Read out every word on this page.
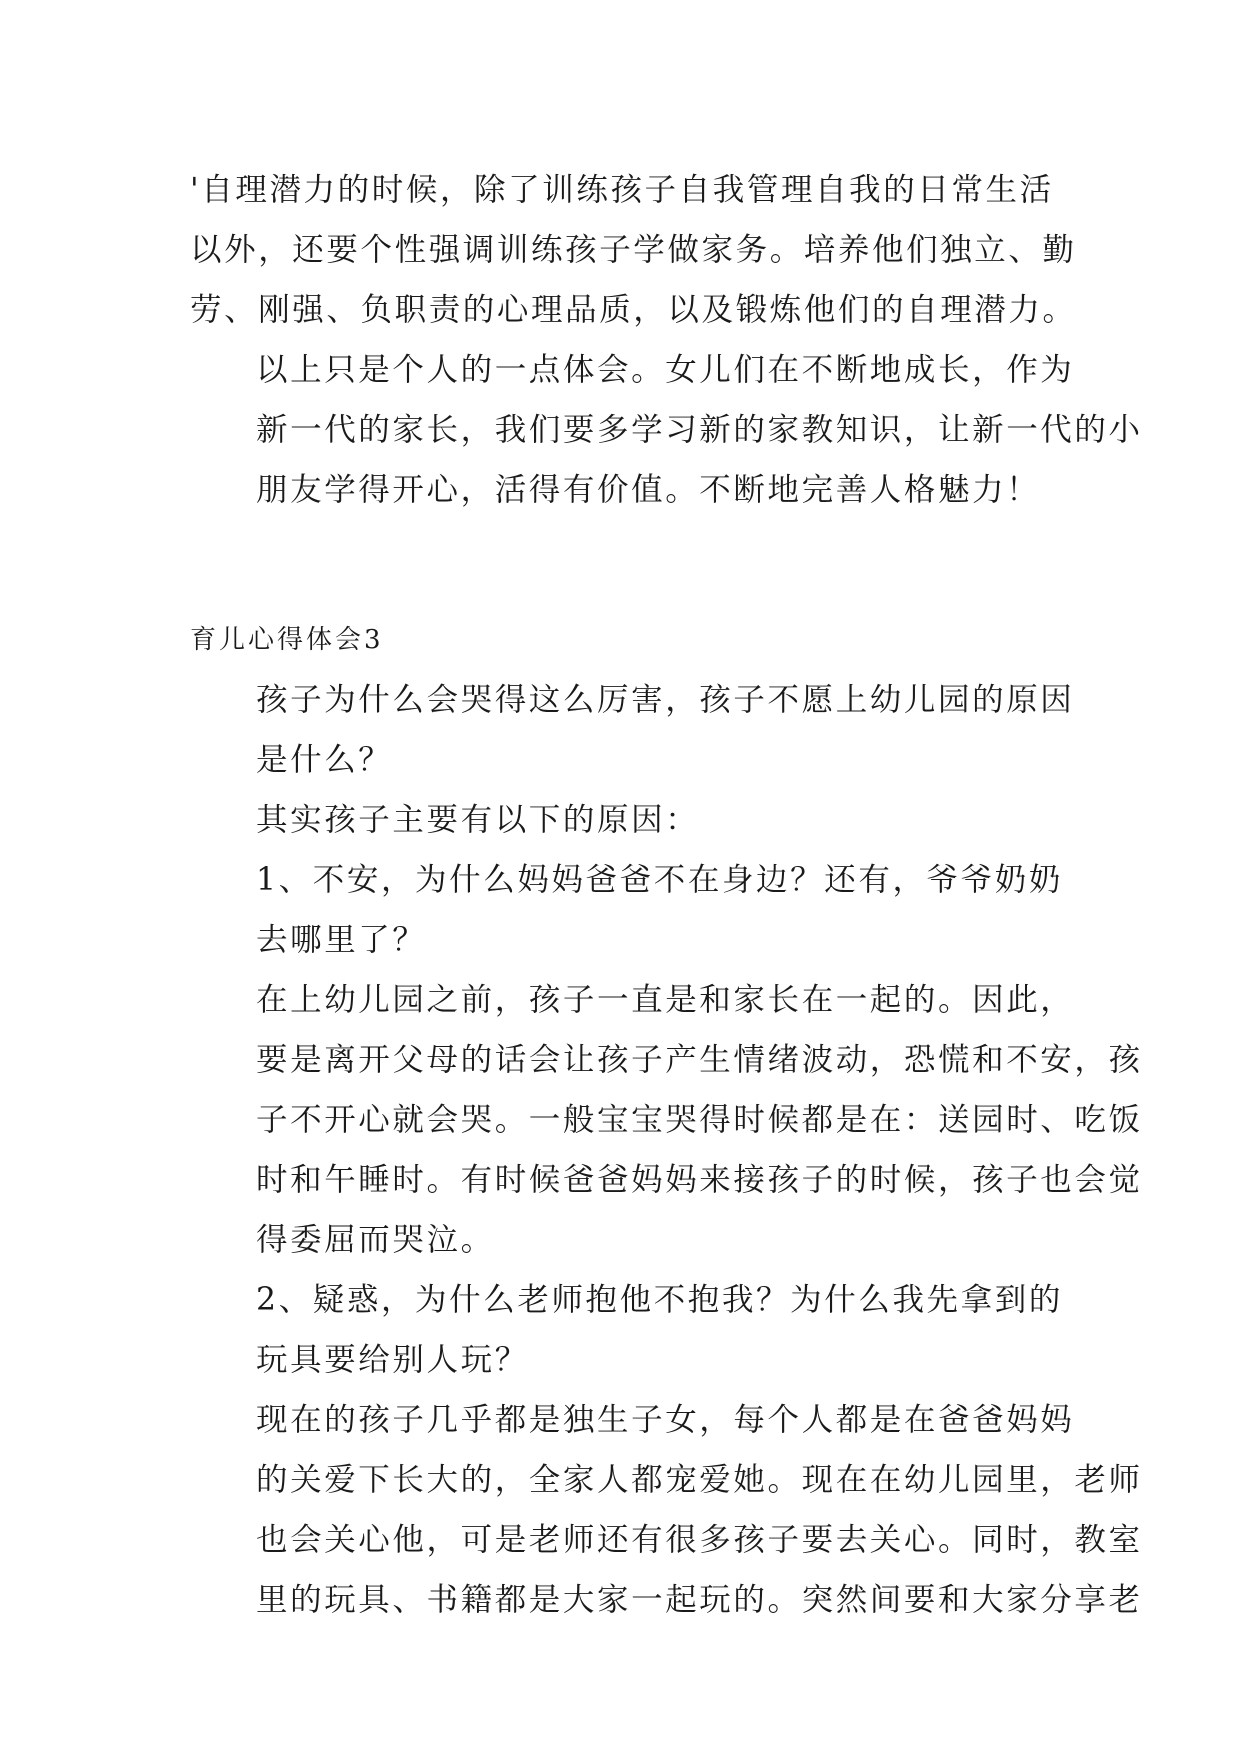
'自理潜力的时候，除了训练孩子自我管理自我的日常生活
以外，还要个性强调训练孩子学做家务。培养他们独立、勤
劳、刚强、负职责的心理品质，以及锻炼他们的自理潜力。
以上只是个人的一点体会。女儿们在不断地成长，作为
新一代的家长，我们要多学习新的家教知识，让新一代的小
朋友学得开心，活得有价值。不断地完善人格魅力！
育儿心得体会3
孩子为什么会哭得这么厉害，孩子不愿上幼儿园的原因
是什么？
其实孩子主要有以下的原因：
1、不安，为什么妈妈爸爸不在身边？还有，爷爷奶奶
去哪里了？
在上幼儿园之前，孩子一直是和家长在一起的。因此，
要是离开父母的话会让孩子产生情绪波动，恐慌和不安，孩
子不开心就会哭。一般宝宝哭得时候都是在：送园时、吃饭
时和午睡时。有时候爸爸妈妈来接孩子的时候，孩子也会觉
得委屈而哭泣。
2、疑惑，为什么老师抱他不抱我？为什么我先拿到的
玩具要给别人玩？
现在的孩子几乎都是独生子女，每个人都是在爸爸妈妈
的关爱下长大的，全家人都宠爱她。现在在幼儿园里，老师
也会关心他，可是老师还有很多孩子要去关心。同时，教室
里的玩具、书籍都是大家一起玩的。突然间要和大家分享老
